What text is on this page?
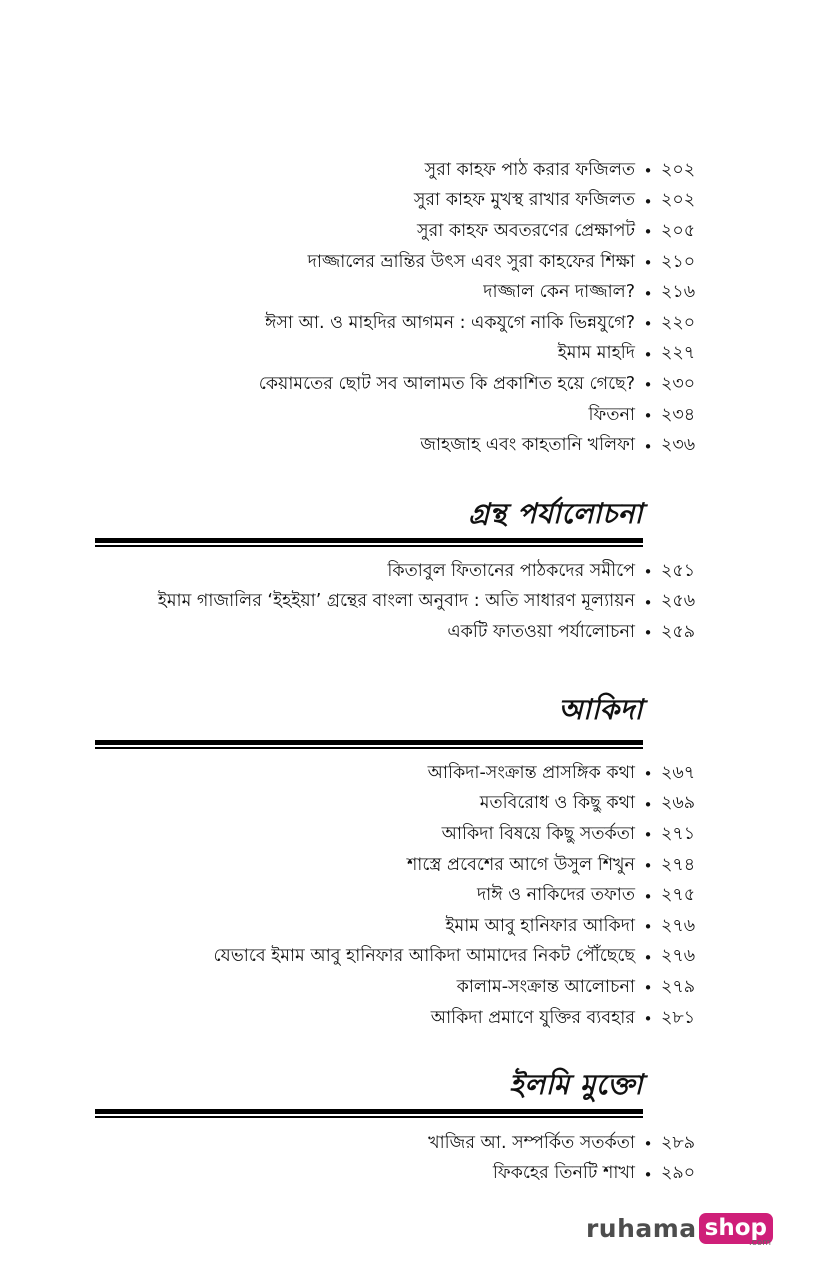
সুরা কাহফ পাঠ করার ফজিলত • ২০২
সুরা কাহফ মুখস্থ রাখার ফজিলত • ২০২
সুরা কাহফ অবতরণের প্রেক্ষাপট • ২০৫
দাজ্জালের ভ্রান্তির উৎস এবং সুরা কাহফের শিক্ষা • ২১০
দাজ্জাল কেন দাজ্জাল? • ২১৬
ঈসা আ. ও মাহদির আগমন : একযুগে নাকি ভিন্নযুগে? • ২২০
ইমাম মাহদি • ২২৭
কেয়ামতের ছোট সব আলামত কি প্রকাশিত হয়ে গেছে? • ২৩০
ফিতনা • ২৩৪
জাহজাহ এবং কাহতানি খলিফা • ২৩৬
গ্রন্থ পর্যালোচনা
কিতাবুল ফিতানের পাঠকদের সমীপে • ২৫১
ইমাম গাজালির ‘ইহইয়া’ গ্রন্থের বাংলা অনুবাদ : অতি সাধারণ মূল্যায়ন • ২৫৬
একটি ফাতওয়া পর্যালোচনা • ২৫৯
আকিদা
আকিদা-সংক্রান্ত প্রাসঙ্গিক কথা • ২৬৭
মতবিরোধ ও কিছু কথা • ২৬৯
আকিদা বিষয়ে কিছু সতর্কতা • ২৭১
শাস্ত্রে প্রবেশের আগে উসুল শিখুন • ২৭৪
দাঈ ও নাকিদের তফাত • ২৭৫
ইমাম আবু হানিফার আকিদা • ২৭৬
যেভাবে ইমাম আবু হানিফার আকিদা আমাদের নিকট পৌঁছেছে • ২৭৬
কালাম-সংক্রান্ত আলোচনা • ২৭৯
আকিদা প্রমাণে যুক্তির ব্যবহার • ২৮১
ইলমি মুক্তো
খাজির আ. সম্পর্কিত সতর্কতা • ২৮৯
ফিকহের তিনটি শাখা • ২৯০
ruhama shop
.com
